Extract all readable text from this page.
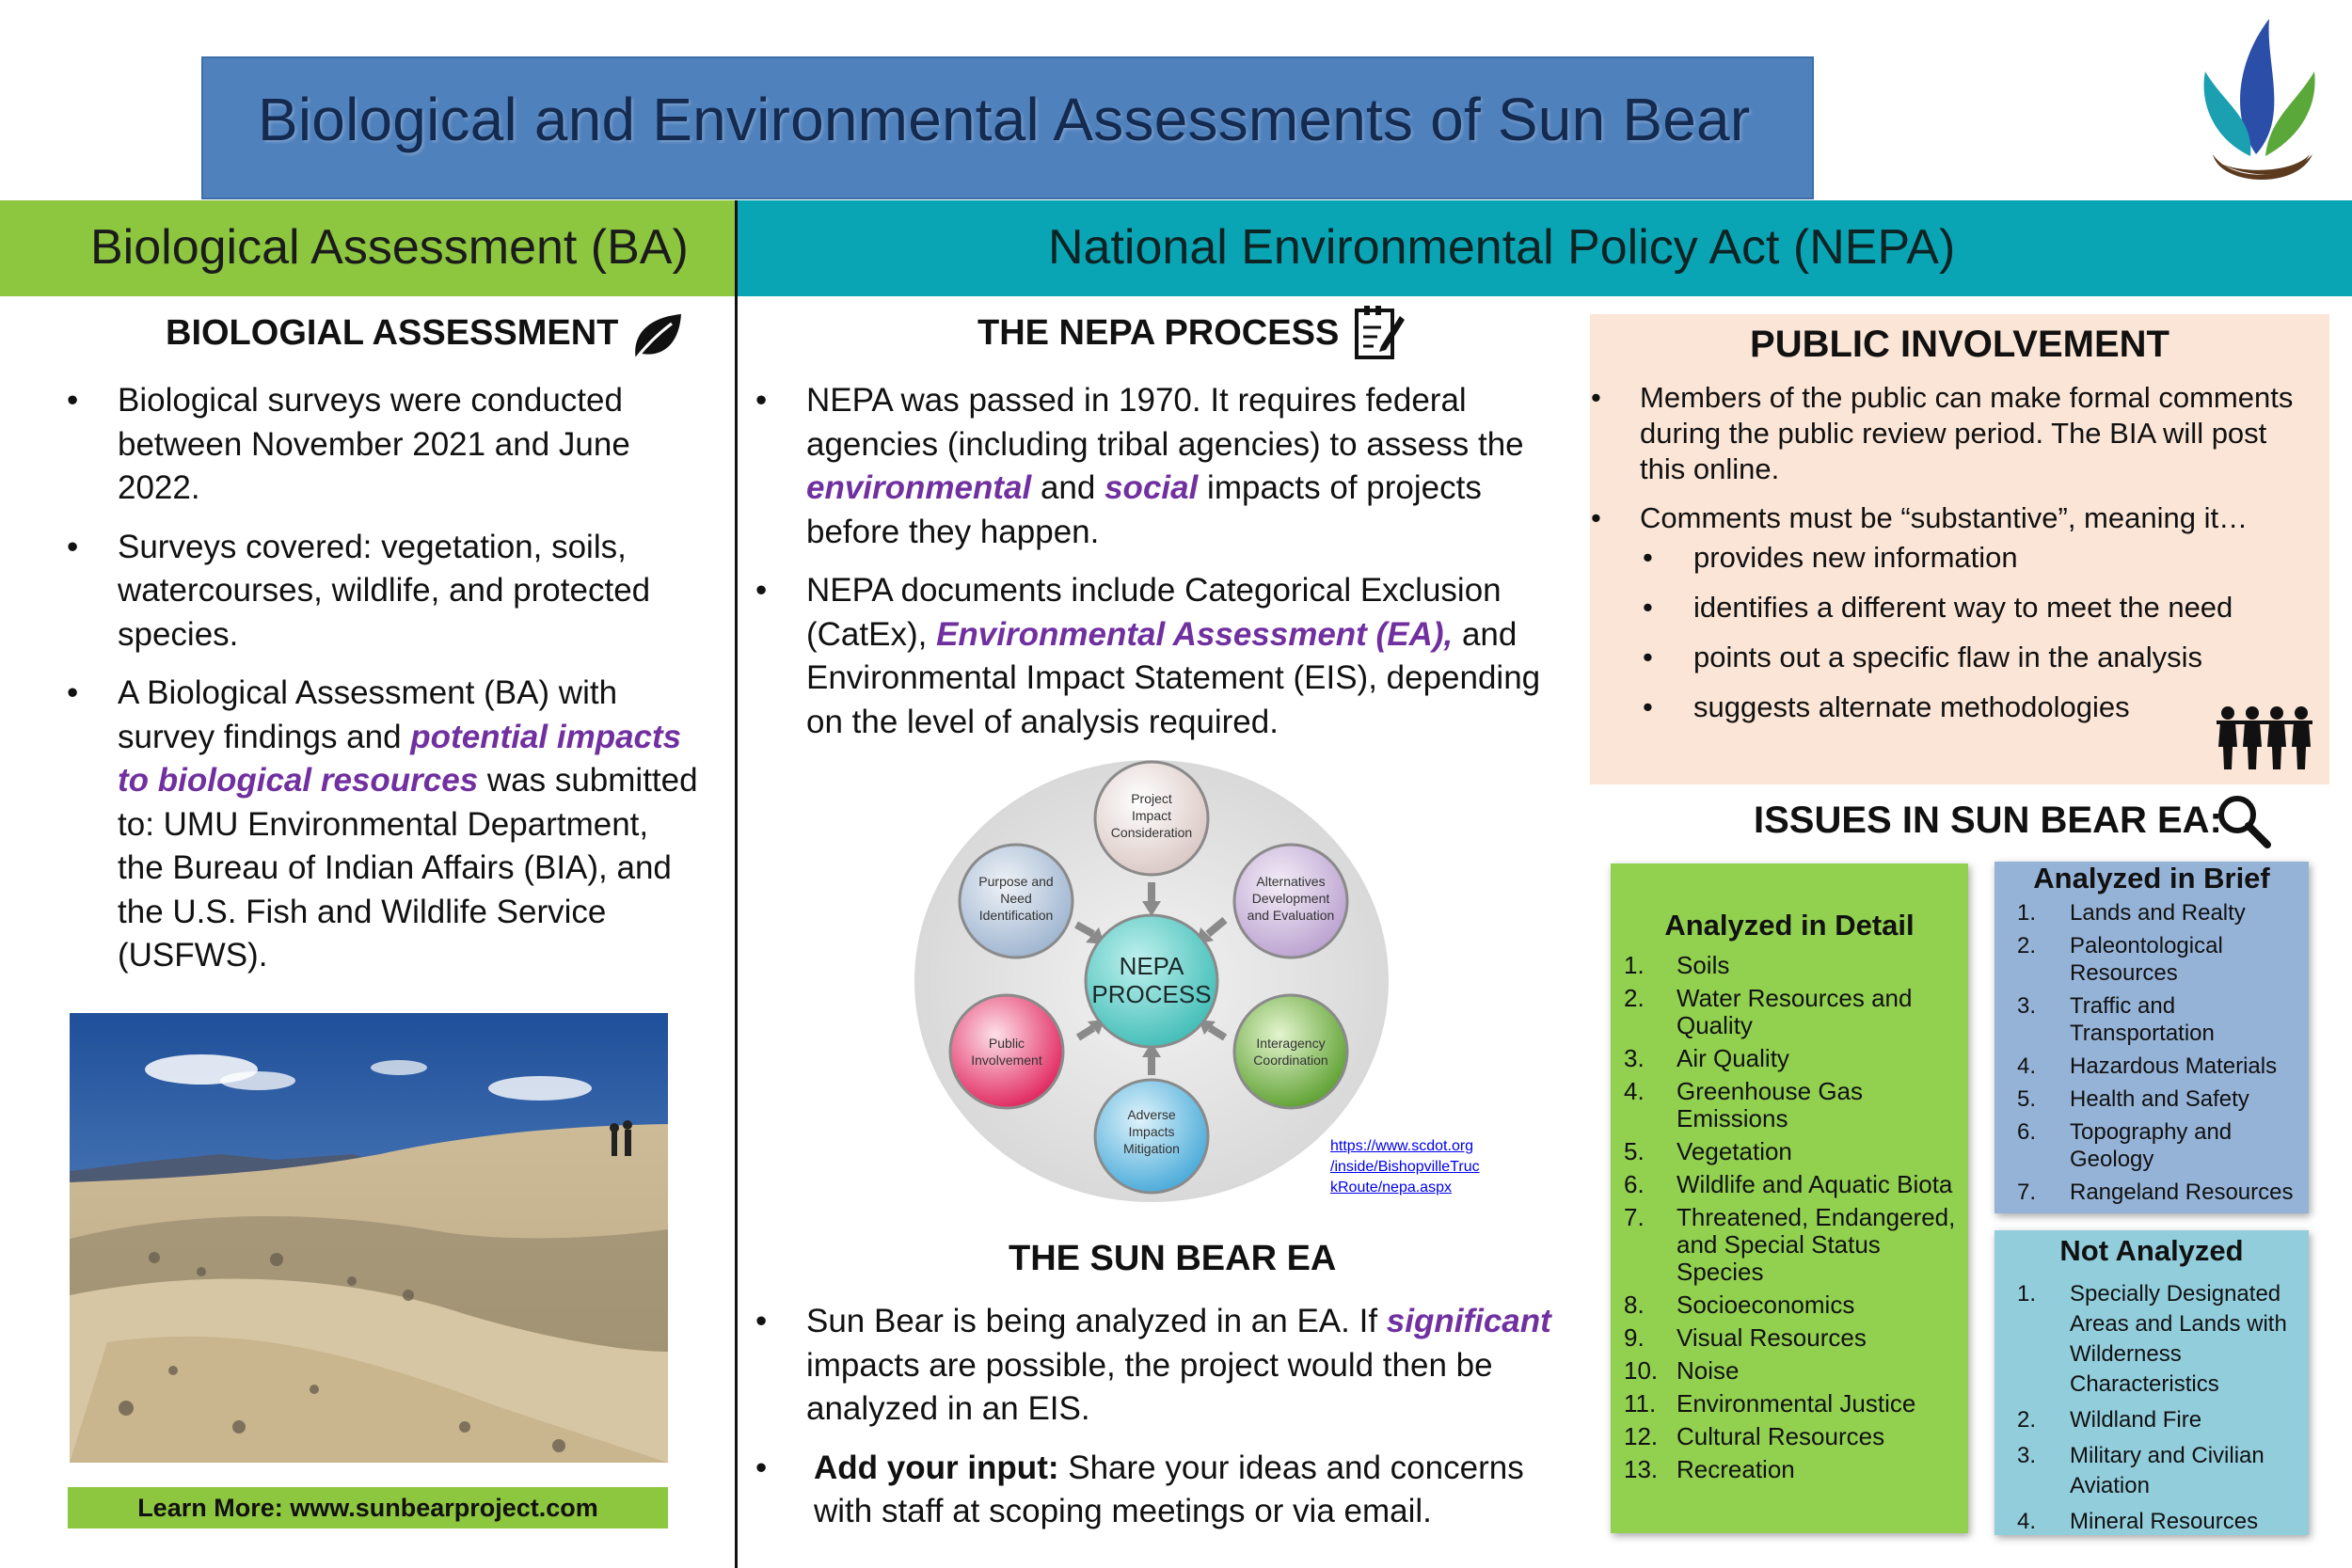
Biological and Environmental Assessments of Sun Bear
Biological Assessment (BA)	National Environmental Policy Act (NEPA)
BIOLOGIAL ASSESSMENT
• Biological surveys were conducted between November 2021 and June 2022.
• Surveys covered: vegetation, soils, watercourses, wildlife, and protected species.
• A Biological Assessment (BA) with survey findings and potential impacts to biological resources was submitted to: UMU Environmental Department, the Bureau of Indian Affairs (BIA), and the U.S. Fish and Wildlife Service (USFWS).
Learn More: www.sunbearproject.com
THE NEPA PROCESS
• NEPA was passed in 1970. It requires federal agencies (including tribal agencies) to assess the environmental and social impacts of projects before they happen.
• NEPA documents include Categorical Exclusion (CatEx), Environmental Assessment (EA), and Environmental Impact Statement (EIS), depending on the level of analysis required.
NEPA
PROCESS
Project
Impact
Consideration
Alternatives
Development
and Evaluation
Interagency
Coordination
Adverse
Impacts
Mitigation
Public
Involvement
Purpose and
Need
Identification
https://www.scdot.org
/inside/BishopvilleTruc
kRoute/nepa.aspx
THE SUN BEAR EA
• Sun Bear is being analyzed in an EA. If significant impacts are possible, the project would then be analyzed in an EIS.
• Add your input: Share your ideas and concerns with staff at scoping meetings or via email.
PUBLIC INVOLVEMENT
• Members of the public can make formal comments during the public review period. The BIA will post this online.
• Comments must be “substantive”, meaning it…
• provides new information
• identifies a different way to meet the need
• points out a specific flaw in the analysis
• suggests alternate methodologies
ISSUES IN SUN BEAR EA:
Analyzed in Detail
1. Soils
2. Water Resources and Quality
3. Air Quality
4. Greenhouse Gas Emissions
5. Vegetation
6. Wildlife and Aquatic Biota
7. Threatened, Endangered, and Special Status Species
8. Socioeconomics
9. Visual Resources
10. Noise
11. Environmental Justice
12. Cultural Resources
13. Recreation
Analyzed in Brief
1. Lands and Realty
2. Paleontological Resources
3. Traffic and Transportation
4. Hazardous Materials
5. Health and Safety
6. Topography and Geology
7. Rangeland Resources
Not Analyzed
1. Specially Designated Areas and Lands with Wilderness Characteristics
2. Wildland Fire
3. Military and Civilian Aviation
4. Mineral Resources
